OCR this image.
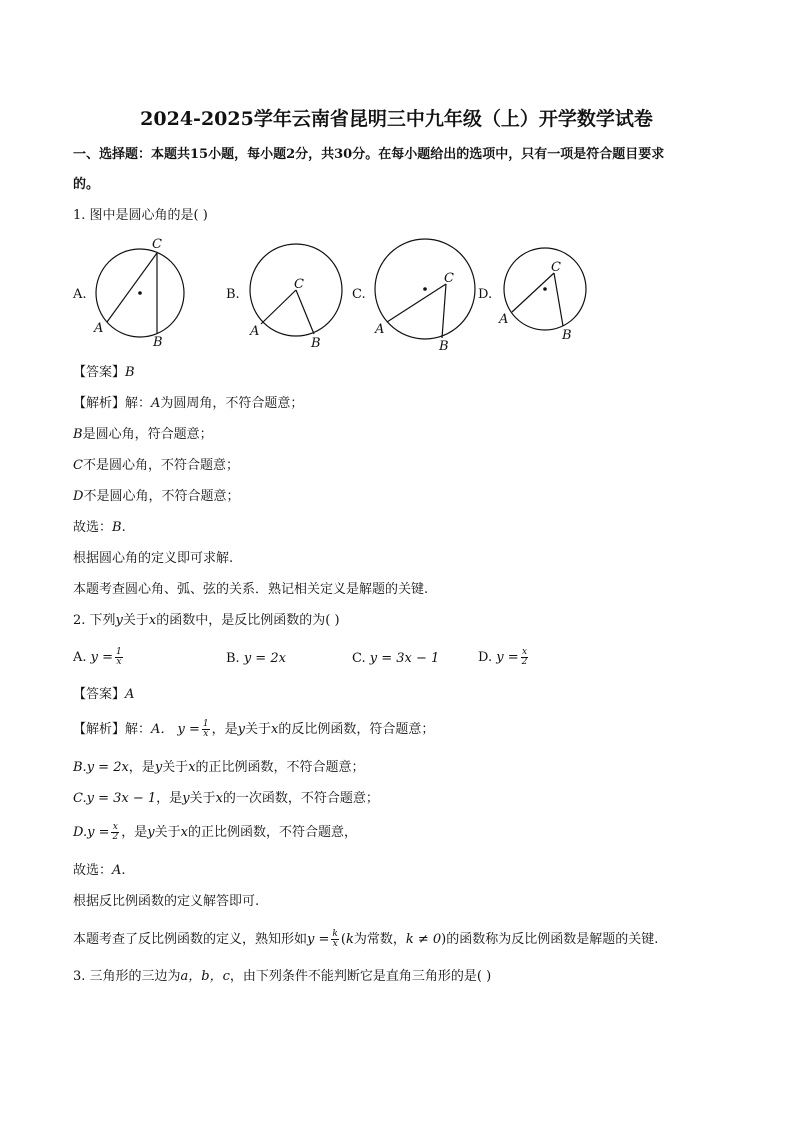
2024-2025学年云南省昆明三中九年级（上）开学数学试卷
一、选择题：本题共15小题，每小题2分，共30分。在每小题给出的选项中，只有一项是符合题目要求
的。
1. 图中是圆心角的是( )
A.
C
A
B
B.
C
A
B
C.
C
A
B
D.
C
A
B
【答案】B
【解析】解：A为圆周角，不符合题意；
B是圆心角，符合题意；
C不是圆心角，不符合题意；
D不是圆心角，不符合题意；
故选：B.
根据圆心角的定义即可求解.
本题考查圆心角、弧、弦的关系．熟记相关定义是解题的关键.
2. 下列y关于x的函数中，是反比例函数的为( )
A. $y = \frac{1}{x}$	B. y = 2x	C. y = 3x − 1	D. $y = \frac{x}{2}$
【答案】A
【解析】解：A． $y = \frac{1}{x}$ ，是y关于x的反比例函数，符合题意；
B.y = 2x，是y关于x的正比例函数，不符合题意；
C.y = 3x − 1，是y关于x的一次函数，不符合题意；
$D.y = \frac{x}{2}$ ，是y关于x的正比例函数，不符合题意，
故选：A.
根据反比例函数的定义解答即可.
本题考查了反比例函数的定义，熟知形如$y = \frac{k}{x} (k$为常数，k ≠ 0)的函数称为反比例函数是解题的关键.
3. 三角形的三边为a，b，c，由下列条件不能判断它是直角三角形的是( )
